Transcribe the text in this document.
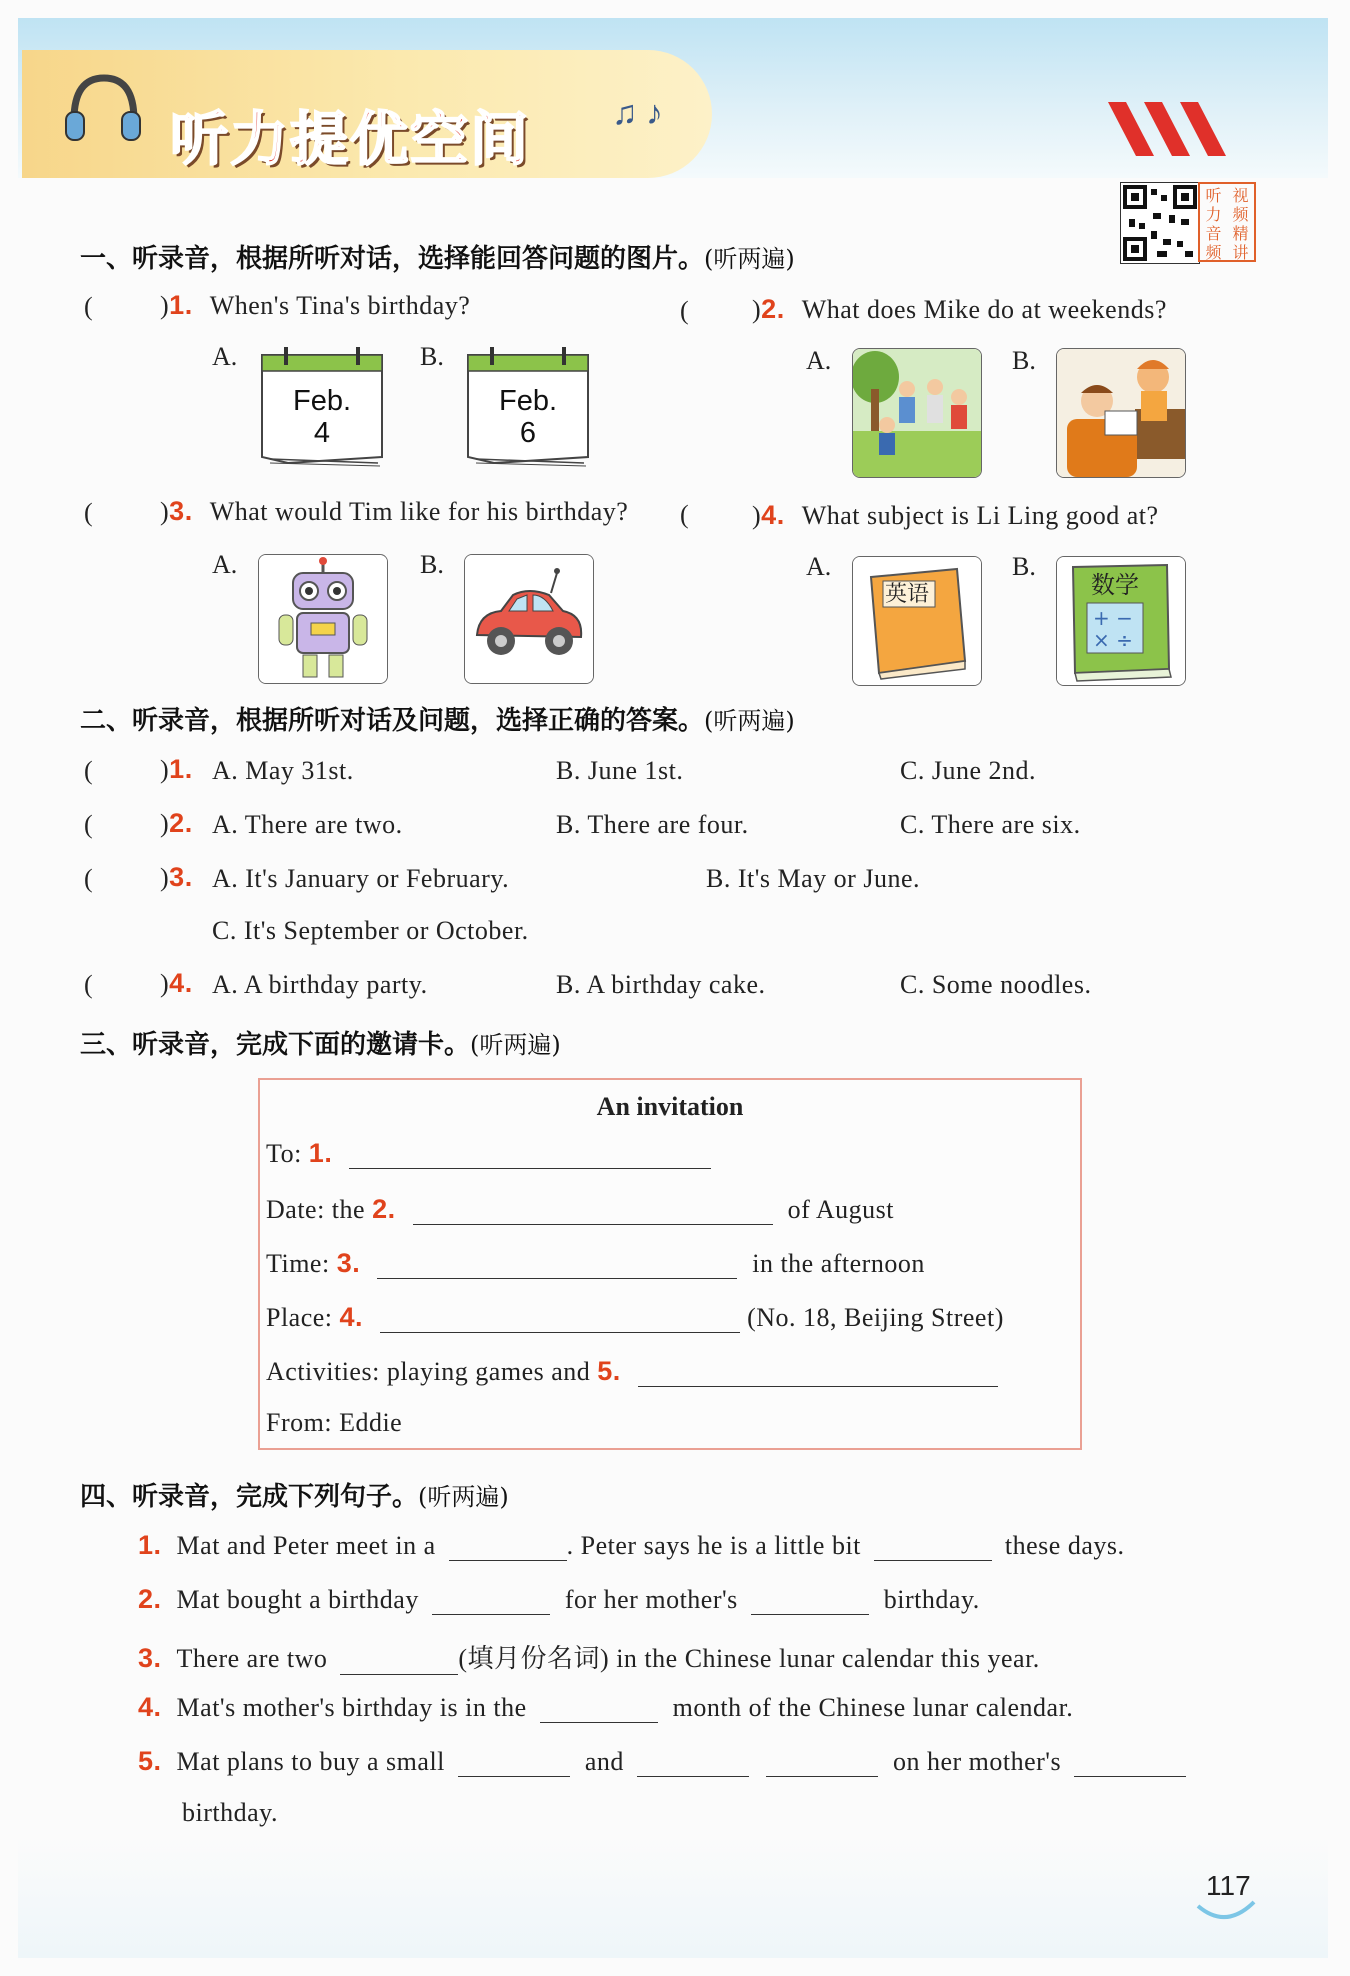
听力提优空间 ♫ ♪
听 视
力 频
音 精
频 讲
一、听录音，根据所听对话，选择能回答问题的图片。(听两遍)
(	)1. When's Tina's birthday?
A.
Feb.
4
B.
Feb.
6
( )2. What does Mike do at weekends?
A.	B.
(	)3. What would Tim like for his birthday? (
A.	B.
)4. What subject is Li Ling good at?
A.
英语
B.
+ −
× ÷
数学
二、听录音，根据所听对话及问题，选择正确的答案。(听两遍)
(	)1. A. May 31st.	B. June 1st.	C. June 2nd.
(	)2. A. There are two.	B. There are four.	C. There are six.
(	)3. A. It's January or February.	B. It's May or June.
C. It's September or October.
(	)4. A. A birthday party.	B. A birthday cake.	C. Some noodles.
三、听录音，完成下面的邀请卡。(听两遍)
An invitation
To: 1.
Date: the 2.	of August
Time: 3.	in the afternoon
Place: 4.	(No. 18, Beijing Street)
Activities: playing games and 5.
From: Eddie
四、听录音，完成下列句子。(听两遍)
1. Mat and Peter meet in a	. Peter says he is a little bit	these days.
2. Mat bought a birthday	for her mother's	birthday.
3. There are two	(填月份名词) in the Chinese lunar calendar this year.
4. Mat's mother's birthday is in the	month of the Chinese lunar calendar.
5. Mat plans to buy a small	and	on her mother's
birthday.
117
